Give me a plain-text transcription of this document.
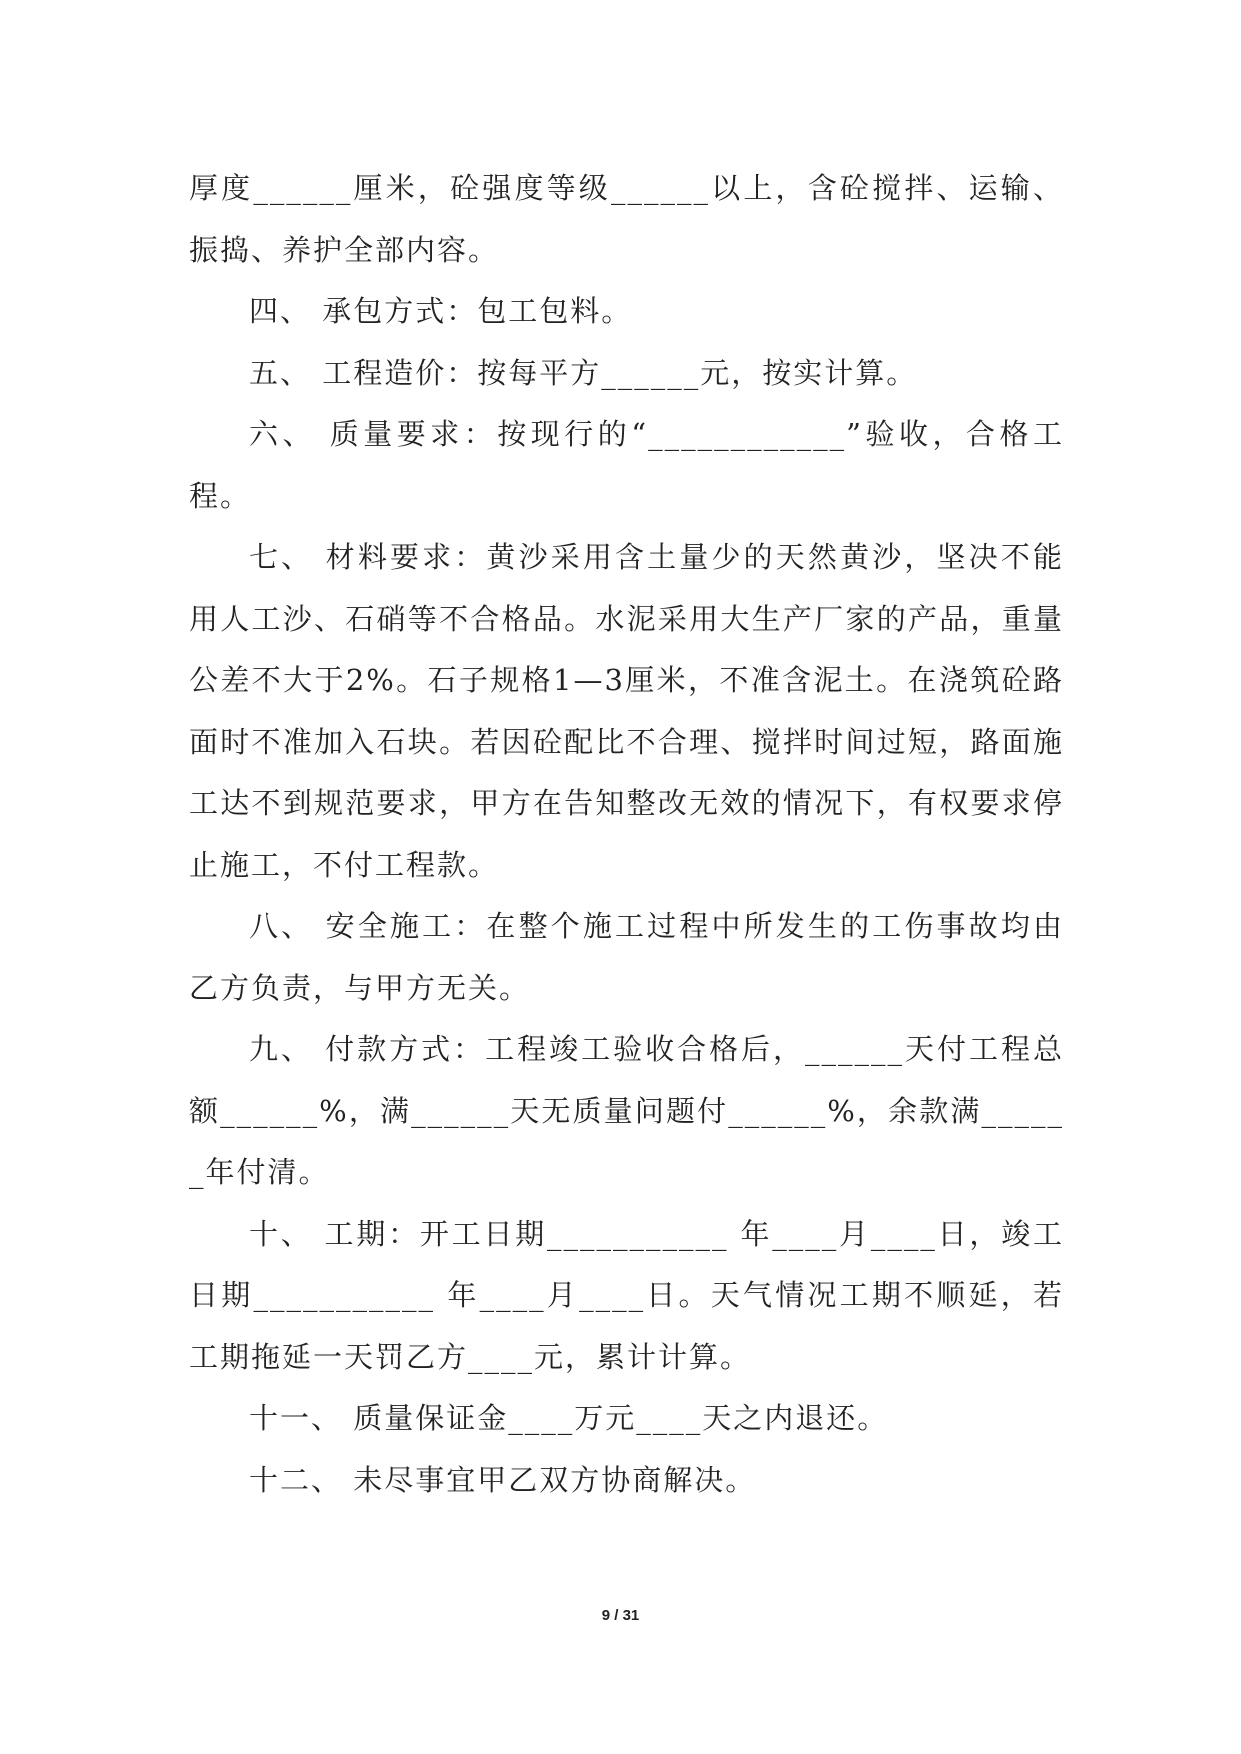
厚度______厘米，砼强度等级______以上，含砼搅拌、运输、振捣、养护全部内容。

四、 承包方式：包工包料。

五、 工程造价：按每平方______元，按实计算。

六、 质量要求：按现行的“____________”验收，合格工程。

七、 材料要求：黄沙采用含土量少的天然黄沙，坚决不能用人工沙、石硝等不合格品。水泥采用大生产厂家的产品，重量公差不大于2%。石子规格1—3厘米，不准含泥土。在浇筑砼路面时不准加入石块。若因砼配比不合理、搅拌时间过短，路面施工达不到规范要求，甲方在告知整改无效的情况下，有权要求停止施工，不付工程款。

八、 安全施工：在整个施工过程中所发生的工伤事故均由乙方负责，与甲方无关。

九、 付款方式：工程竣工验收合格后，______天付工程总额______%，满______天无质量问题付______%，余款满______年付清。

十、 工期：开工日期___________ 年____月____日，竣工日期___________ 年____月____日。天气情况工期不顺延，若工期拖延一天罚乙方____元，累计计算。

十一、 质量保证金____万元____天之内退还。

十二、 未尽事宜甲乙双方协商解决。

9 / 31
